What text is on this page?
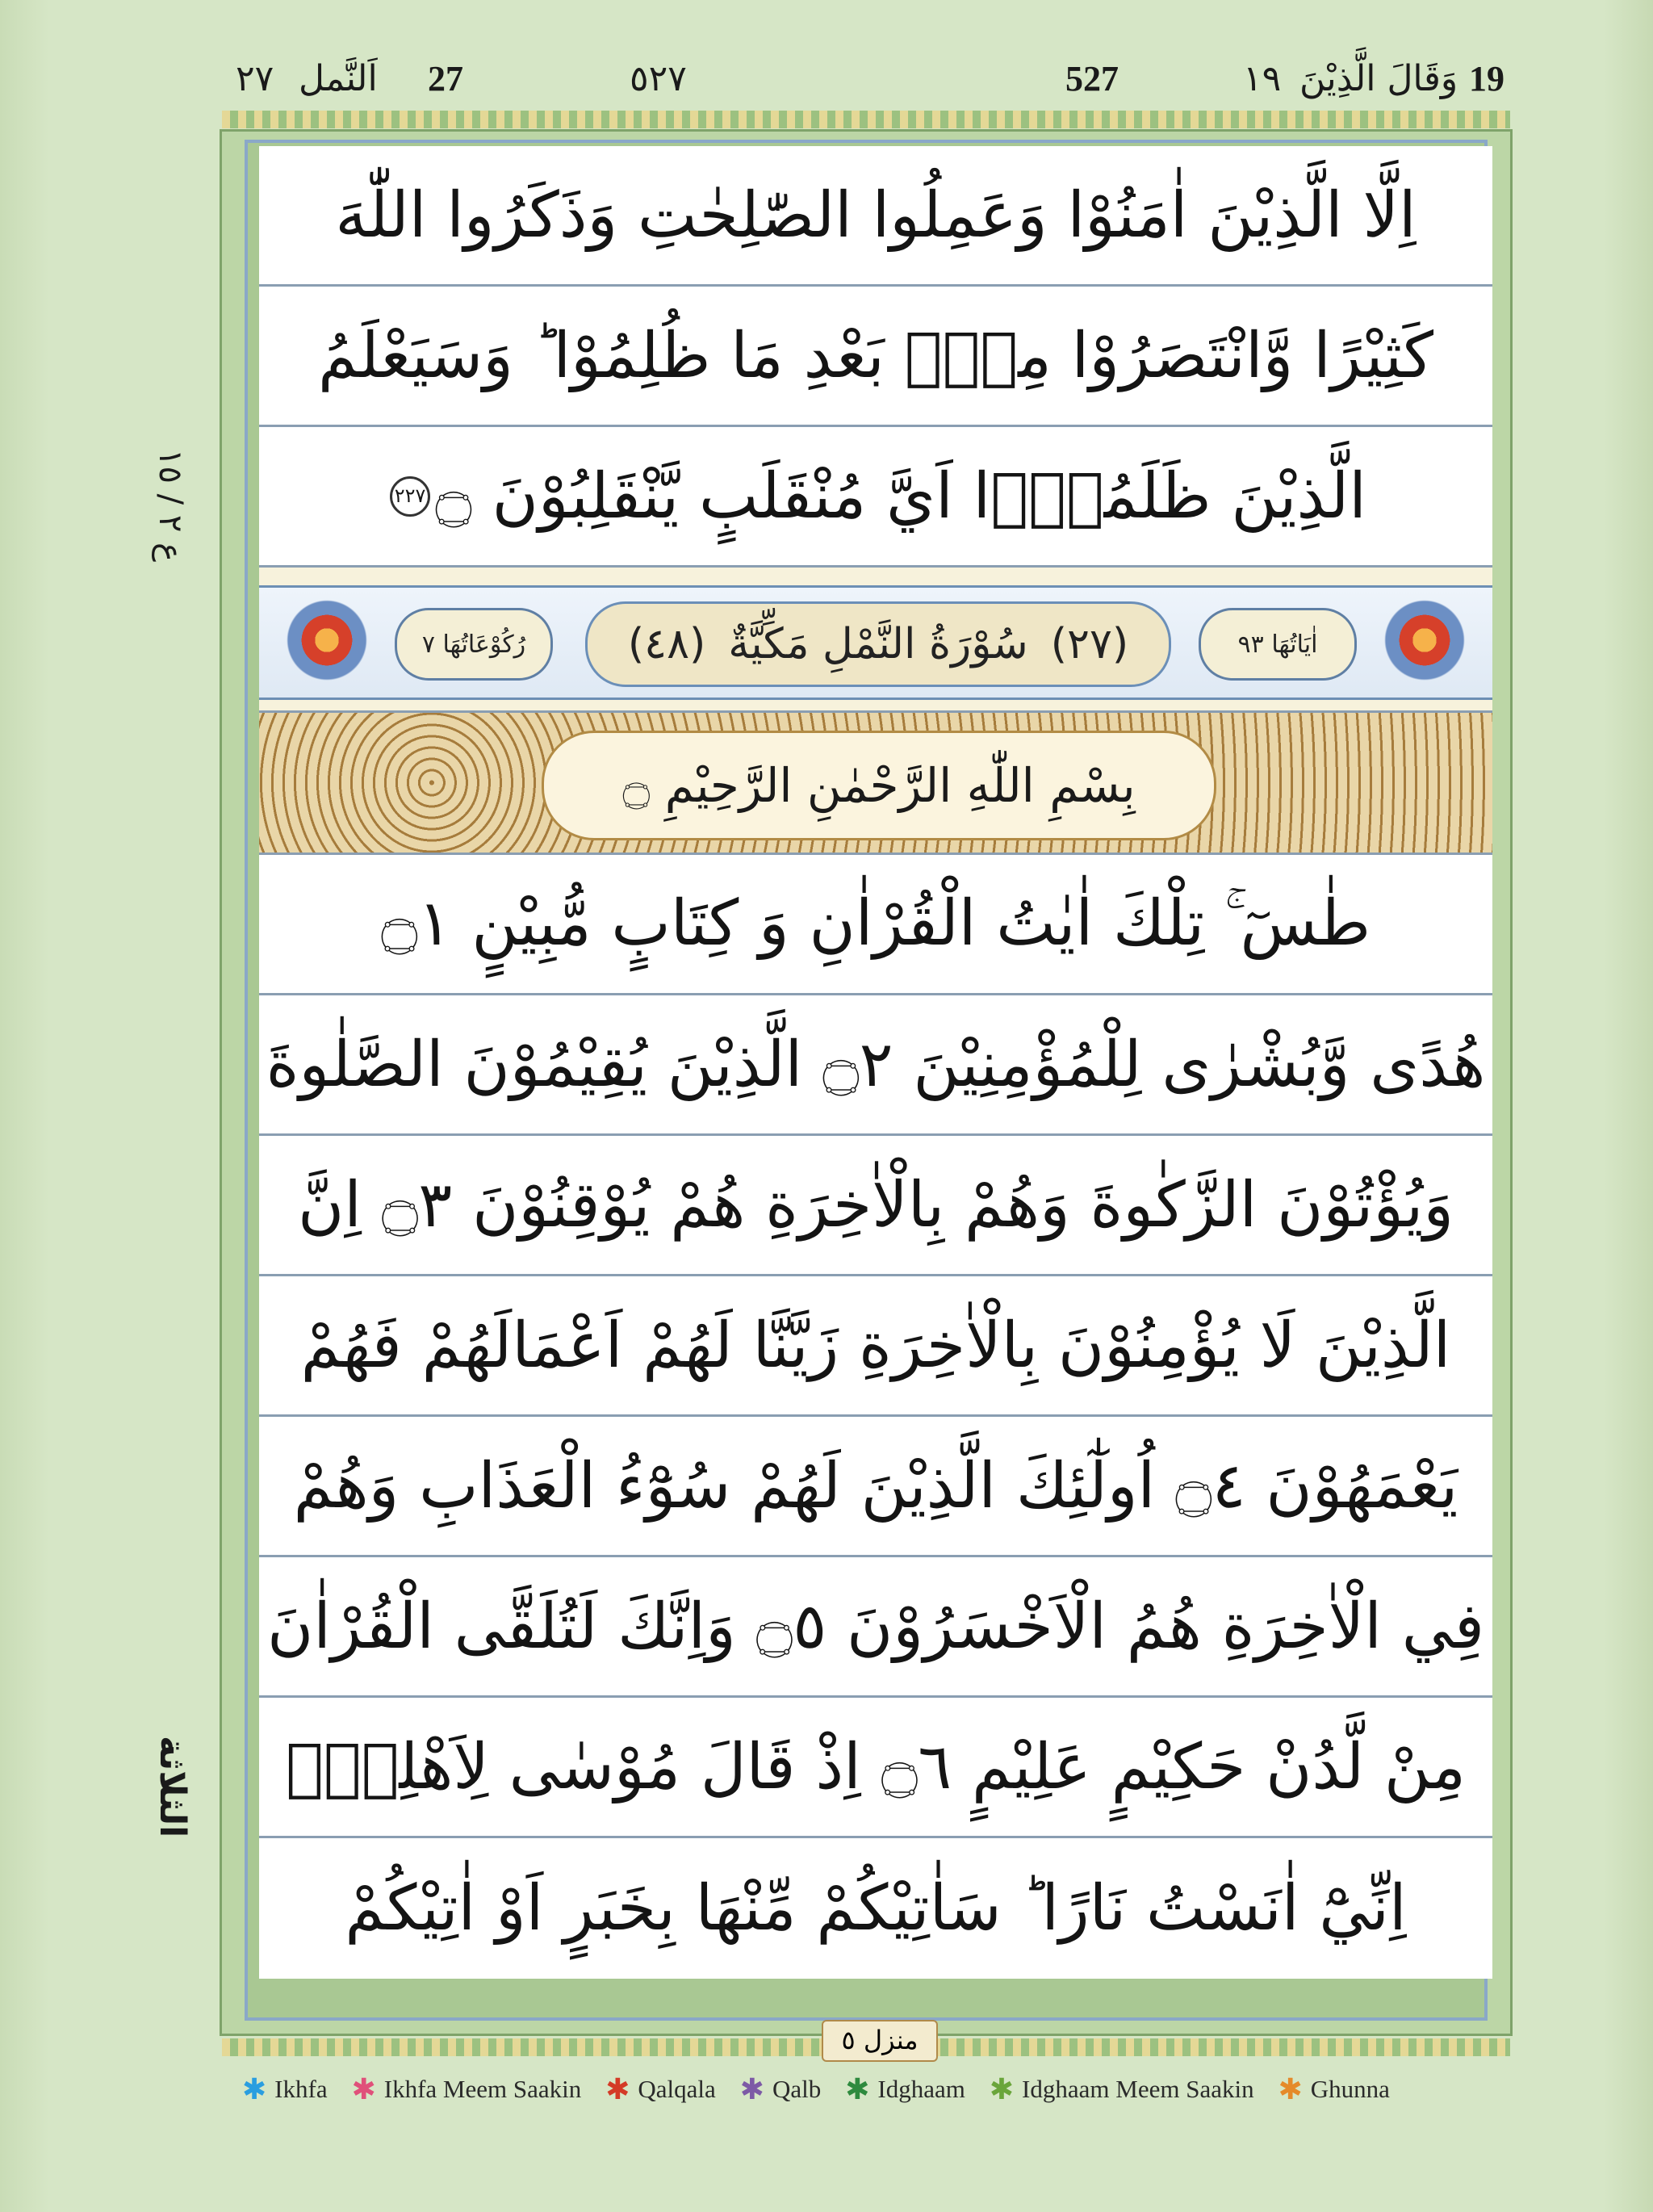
19
وَقَالَ الَّذِيْنَ
١٩
527
٥٢٧
27
اَلنَّمل
٢٧
ع ٢ / ١٥
الثلاثة
اِلَّا الَّذِيْنَ اٰمَنُوْا وَعَمِلُوا الصّٰلِحٰتِ وَذَكَرُوا اللّٰهَ
كَثِيْرًا وَّانْتَصَرُوْا مِنْۢ بَعْدِ مَا ظُلِمُوْا ؕ وَسَيَعْلَمُ
الَّذِيْنَ ظَلَمُوْۤا اَيَّ مُنْقَلَبٍ يَّنْقَلِبُوْنَ ۝
٢٢٧
اٰيَاتُهَا ٩٣
(٢٧)
سُوْرَةُ النَّمْلِ مَكِّيَّةٌ
(٤٨)
رُكُوْعَاتُهَا ٧
بِسْمِ اللّٰهِ الرَّحْمٰنِ الرَّحِيْمِ ۝
طٰسٓ ۚ تِلْكَ اٰيٰتُ الْقُرْاٰنِ وَ كِتَابٍ مُّبِيْنٍ ۝١
هُدًى وَّبُشْرٰى لِلْمُؤْمِنِيْنَ ۝٢ الَّذِيْنَ يُقِيْمُوْنَ الصَّلٰوةَ
وَيُؤْتُوْنَ الزَّكٰوةَ وَهُمْ بِالْاٰخِرَةِ هُمْ يُوْقِنُوْنَ ۝٣ اِنَّ
الَّذِيْنَ لَا يُؤْمِنُوْنَ بِالْاٰخِرَةِ زَيَّنَّا لَهُمْ اَعْمَالَهُمْ فَهُمْ
يَعْمَهُوْنَ ۝٤ اُولٰٓئِكَ الَّذِيْنَ لَهُمْ سُوْٓءُ الْعَذَابِ وَهُمْ
فِي الْاٰخِرَةِ هُمُ الْاَخْسَرُوْنَ ۝٥ وَاِنَّكَ لَتُلَقَّى الْقُرْاٰنَ
مِنْ لَّدُنْ حَكِيْمٍ عَلِيْمٍ ۝٦ اِذْ قَالَ مُوْسٰى لِاَهْلِهٖٓ
اِنِّيْٓ اٰنَسْتُ نَارًا ؕ سَاٰتِيْكُمْ مِّنْهَا بِخَبَرٍ اَوْ اٰتِيْكُمْ
منزل ٥
✱ Ikhfa ✱ Ikhfa Meem Saakin ✱ Qalqala ✱ Qalb ✱ Idghaam ✱ Idghaam Meem Saakin ✱ Ghunna
